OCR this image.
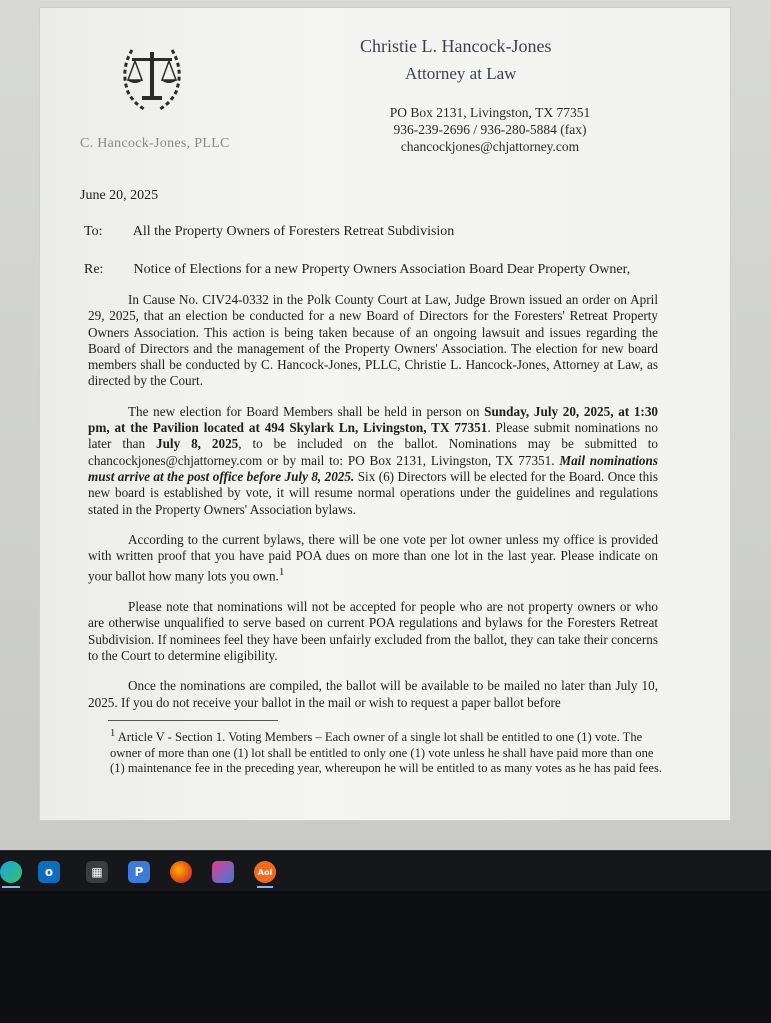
C. Hancock-Jones, PLLC
Christie L. Hancock-Jones
Attorney at Law
PO Box 2131, Livingston, TX 77351
936-239-2696 / 936-280-5884 (fax)
chancockjones@chjattorney.com
June 20, 2025
To: All the Property Owners of Foresters Retreat Subdivision
Re: Notice of Elections for a new Property Owners Association Board Dear Property Owner,

In Cause No. CIV24-0332 in the Polk County Court at Law, Judge Brown issued an order on April 29, 2025, that an election be conducted for a new Board of Directors for the Foresters' Retreat Property Owners Association. This action is being taken because of an ongoing lawsuit and issues regarding the Board of Directors and the management of the Property Owners' Association. The election for new board members shall be conducted by C. Hancock-Jones, PLLC, Christie L. Hancock-Jones, Attorney at Law, as directed by the Court.

The new election for Board Members shall be held in person on Sunday, July 20, 2025, at 1:30 pm, at the Pavilion located at 494 Skylark Ln, Livingston, TX 77351. Please submit nominations no later than July 8, 2025, to be included on the ballot. Nominations may be submitted to chancockjones@chjattorney.com or by mail to: PO Box 2131, Livingston, TX 77351. Mail nominations must arrive at the post office before July 8, 2025. Six (6) Directors will be elected for the Board. Once this new board is established by vote, it will resume normal operations under the guidelines and regulations stated in the Property Owners' Association bylaws.

According to the current bylaws, there will be one vote per lot owner unless my office is provided with written proof that you have paid POA dues on more than one lot in the last year. Please indicate on your ballot how many lots you own.$^1$

Please note that nominations will not be accepted for people who are not property owners or who are otherwise unqualified to serve based on current POA regulations and bylaws for the Foresters Retreat Subdivision. If nominees feel they have been unfairly excluded from the ballot, they can take their concerns to the Court to determine eligibility.

Once the nominations are compiled, the ballot will be available to be mailed no later than July 10, 2025. If you do not receive your ballot in the mail or wish to request a paper ballot before

$^1$ Article V - Section 1. Voting Members – Each owner of a single lot shall be entitled to one (1) vote. The owner of more than one (1) lot shall be entitled to only one (1) vote unless he shall have paid more than one (1) maintenance fee in the preceding year, whereupon he will be entitled to as many votes as he has paid fees.
o	▦	P	Aol
